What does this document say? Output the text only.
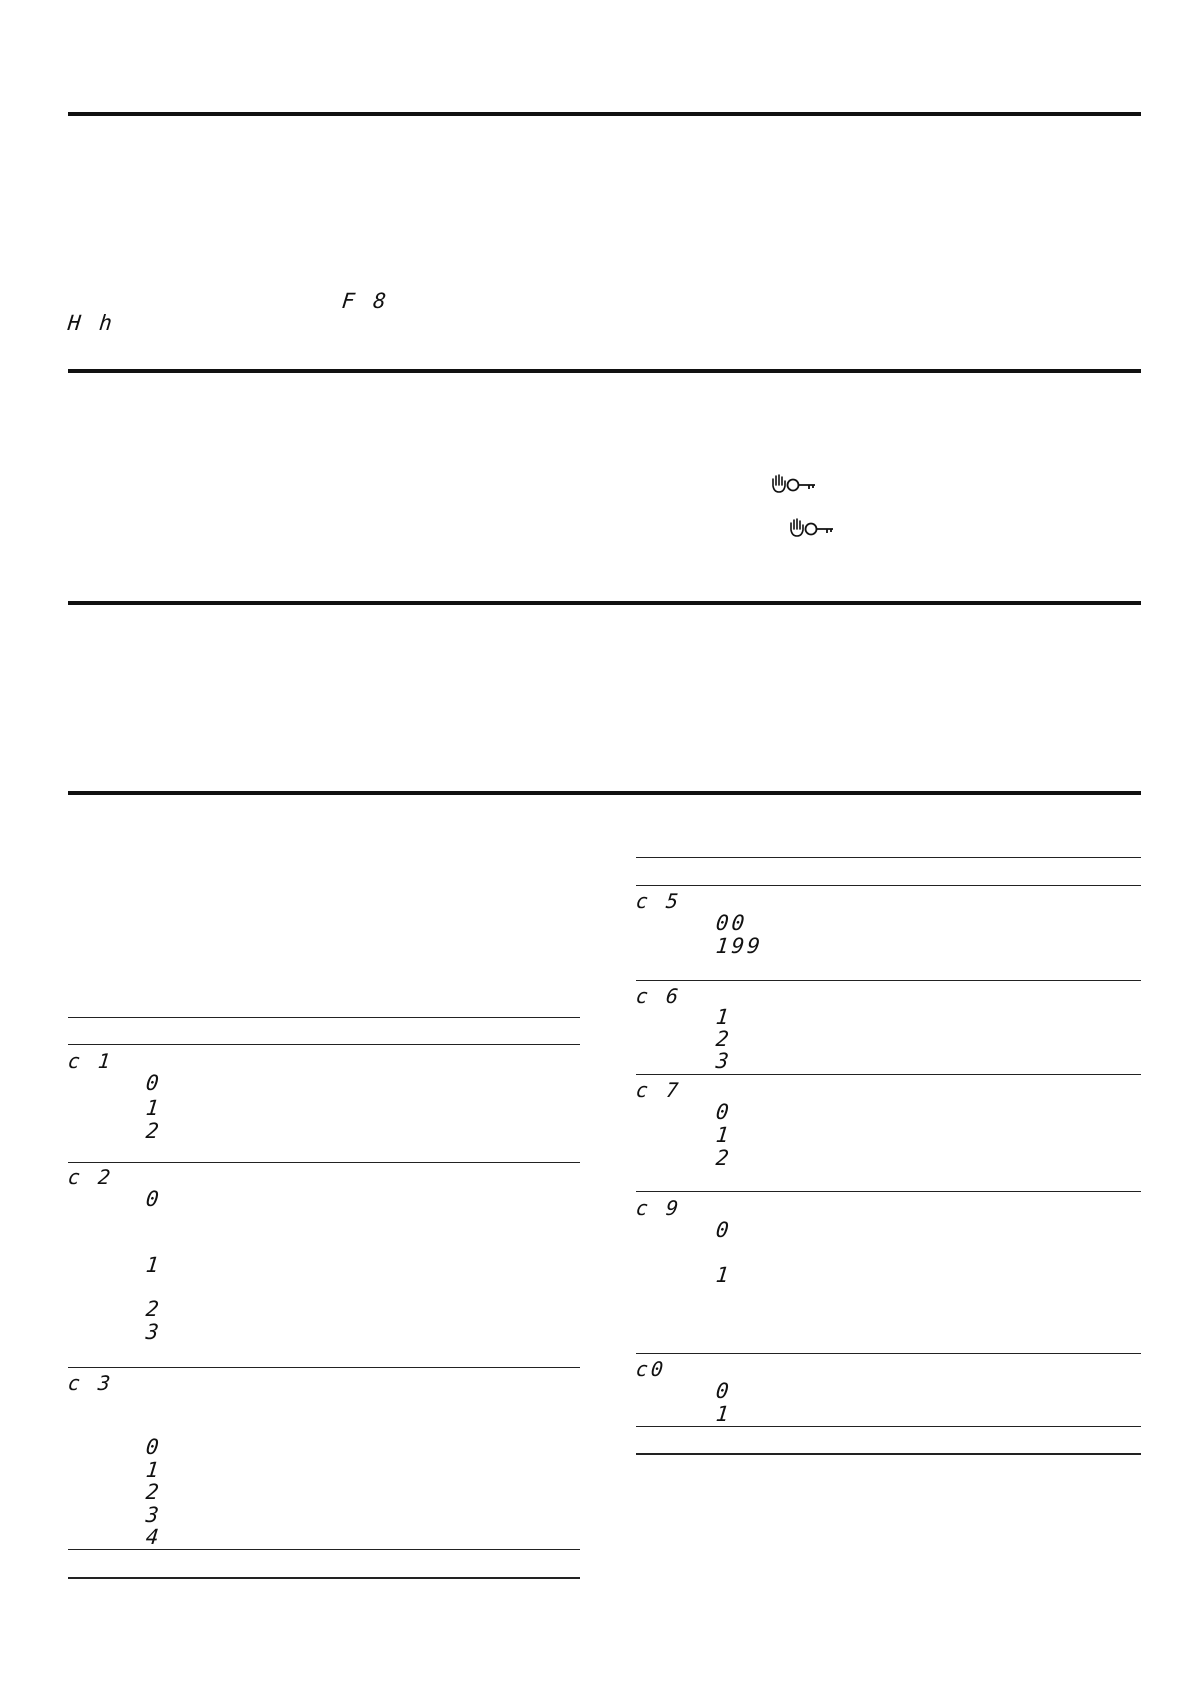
F 8
H h
c 1
0
1
2
c 2
0
1
2
3
c 3
0
1
2
3
4
c 5
00
199
c 6
1
2
3
c 7
0
1
2
c 9
0
1
c0
0
1
